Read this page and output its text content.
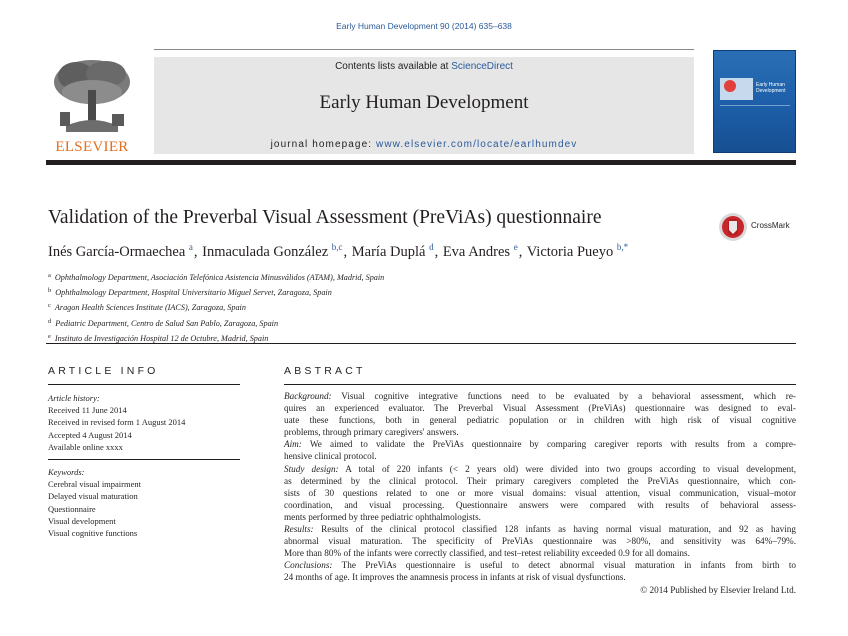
Early Human Development 90 (2014) 635–638
ELSEVIER
Contents lists available at ScienceDirect
Early Human Development
journal homepage: www.elsevier.com/locate/earlhumdev
Early Human Development
Validation of the Preverbal Visual Assessment (PreViAs) questionnaire	CrossMark
Inés García-Ormaechea $^a$, Inmaculada González $^{b,c}$, María Duplá $^d$, Eva Andres $^e$, Victoria Pueyo $^{b,*}$
$^a$ Ophthalmology Department, Asociación Telefónica Asistencia Minusválidos (ATAM), Madrid, Spain
$^b$ Ophthalmology Department, Hospital Universitario Miguel Servet, Zaragoza, Spain
$^c$ Aragon Health Sciences Institute (IACS), Zaragoza, Spain
$^d$ Pediatric Department, Centro de Salud San Pablo, Zaragoza, Spain
$^e$ Instituto de Investigación Hospital 12 de Octubre, Madrid, Spain
ARTICLE INFO
Article history:
Received 11 June 2014
Received in revised form 1 August 2014
Accepted 4 August 2014
Available online xxxx
Keywords:
Cerebral visual impairment
Delayed visual maturation
Questionnaire
Visual development
Visual cognitive functions
ABSTRACT
Background: Visual cognitive integrative functions need to be evaluated by a behavioral assessment, which re-
quires an experienced evaluator. The Preverbal Visual Assessment (PreViAs) questionnaire was designed to eval-
uate these functions, both in general pediatric population or in children with high risk of visual cognitive
problems, through primary caregivers' answers.
Aim: We aimed to validate the PreViAs questionnaire by comparing caregiver reports with results from a compre-
hensive clinical protocol.
Study design: A total of 220 infants (< 2 years old) were divided into two groups according to visual development,
as determined by the clinical protocol. Their primary caregivers completed the PreViAs questionnaire, which con-
sists of 30 questions related to one or more visual domains: visual attention, visual communication, visual–motor
coordination, and visual processing. Questionnaire answers were compared with results of behavioral assess-
ments performed by three pediatric ophthalmologists.
Results: Results of the clinical protocol classified 128 infants as having normal visual maturation, and 92 as having
abnormal visual maturation. The specificity of PreViAs questionnaire was >80%, and sensitivity was 64%–79%.
More than 80% of the infants were correctly classified, and test–retest reliability exceeded 0.9 for all domains.
Conclusions: The PreViAs questionnaire is useful to detect abnormal visual maturation in infants from birth to
24 months of age. It improves the anamnesis process in infants at risk of visual dysfunctions.
© 2014 Published by Elsevier Ireland Ltd.
